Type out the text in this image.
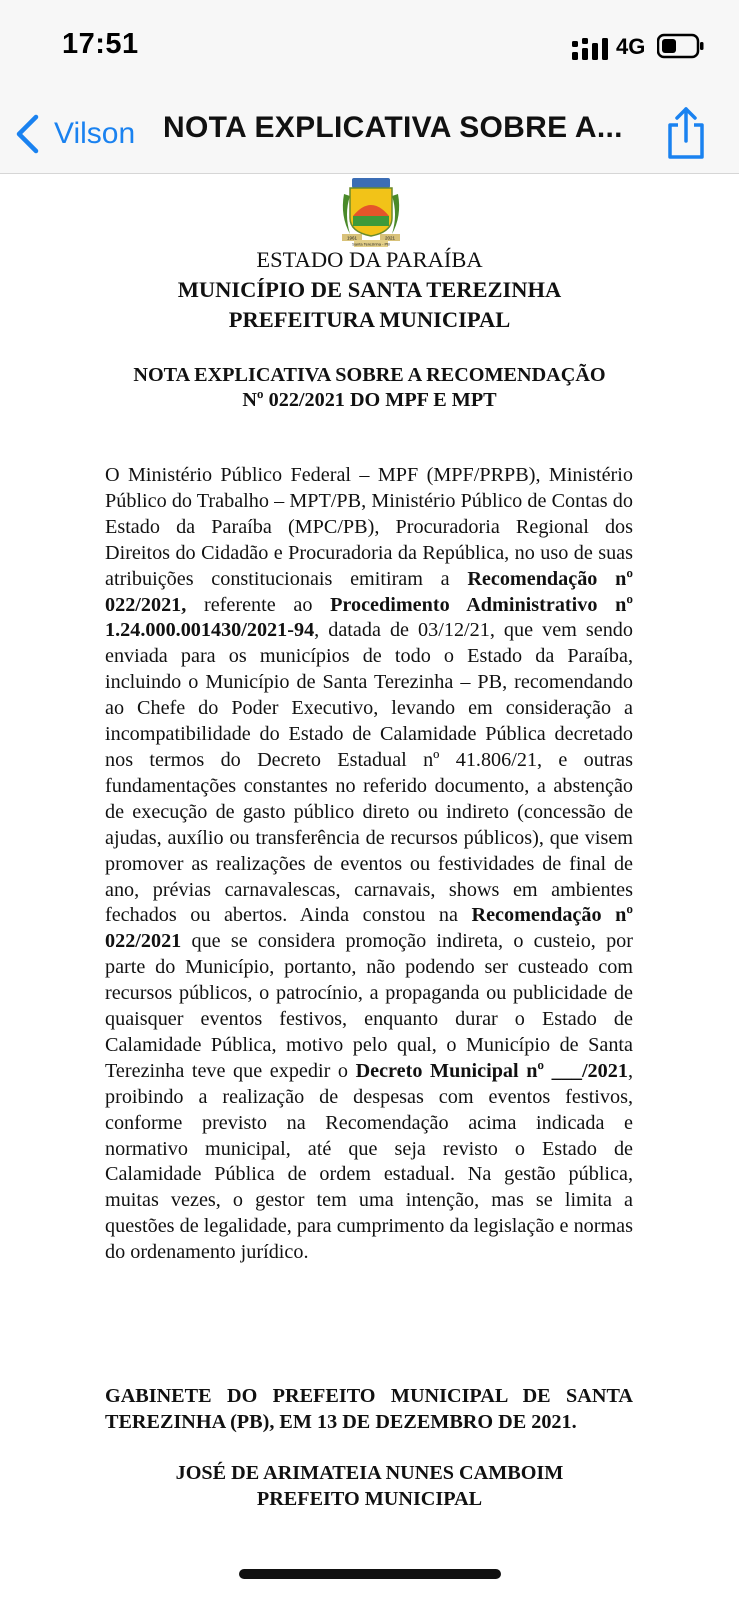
17:51	4G
Vilson NOTA EXPLICATIVA SOBRE A...
1961	2021
Santa Terezinha - PB
ESTADO DA PARAÍBA
MUNICÍPIO DE SANTA TEREZINHA
PREFEITURA MUNICIPAL
NOTA EXPLICATIVA SOBRE A RECOMENDAÇÃO
Nº 022/2021 DO MPF E MPT
O Ministério Público Federal – MPF (MPF/PRPB), Ministério Público do Trabalho – MPT/PB, Ministério Público de Contas do Estado da Paraíba (MPC/PB), Procuradoria Regional dos Direitos do Cidadão e Procuradoria da República, no uso de suas atribuições constitucionais emitiram a Recomendação nº 022/2021, referente ao Procedimento Administrativo nº 1.24.000.001430/2021-94, datada de 03/12/21, que vem sendo enviada para os municípios de todo o Estado da Paraíba, incluindo o Município de Santa Terezinha – PB, recomendando ao Chefe do Poder Executivo, levando em consideração a incompatibilidade do Estado de Calamidade Pública decretado nos termos do Decreto Estadual nº 41.806/21, e outras fundamentações constantes no referido documento, a abstenção de execução de gasto público direto ou indireto (concessão de ajudas, auxílio ou transferência de recursos públicos), que visem promover as realizações de eventos ou festividades de final de ano, prévias carnavalescas, carnavais, shows em ambientes fechados ou abertos. Ainda constou na Recomendação nº 022/2021 que se considera promoção indireta, o custeio, por parte do Município, portanto, não podendo ser custeado com recursos públicos, o patrocínio, a propaganda ou publicidade de quaisquer eventos festivos, enquanto durar o Estado de Calamidade Pública, motivo pelo qual, o Município de Santa Terezinha teve que expedir o Decreto Municipal nº ___/2021, proibindo a realização de despesas com eventos festivos, conforme previsto na Recomendação acima indicada e normativo municipal, até que seja revisto o Estado de Calamidade Pública de ordem estadual. Na gestão pública, muitas vezes, o gestor tem uma intenção, mas se limita a questões de legalidade, para cumprimento da legislação e normas do ordenamento jurídico.
GABINETE DO PREFEITO MUNICIPAL DE SANTA
TEREZINHA (PB), EM 13 DE DEZEMBRO DE 2021.
JOSÉ DE ARIMATEIA NUNES CAMBOIM
PREFEITO MUNICIPAL
